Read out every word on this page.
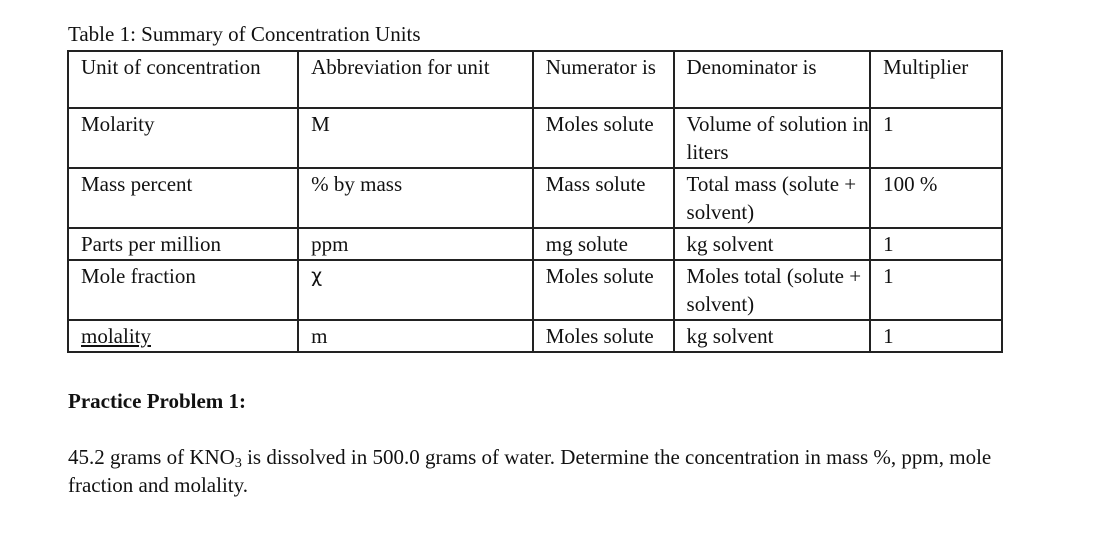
Table 1: Summary of Concentration Units
Unit of concentration	Abbreviation for unit	Numerator is	Denominator is	Multiplier
Molarity	M	Moles solute	Volume of solution in liters	1
Mass percent	% by mass	Mass solute	Total mass (solute + solvent)	100 %
Parts per million	ppm	mg solute	kg solvent	1
Mole fraction	χ	Moles solute	Moles total (solute + solvent)	1
molality	m	Moles solute	kg solvent	1
Practice Problem 1:
45.2 grams of $KNO_3$ is dissolved in 500.0 grams of water. Determine the concentration in mass %, ppm, mole fraction and molality.
